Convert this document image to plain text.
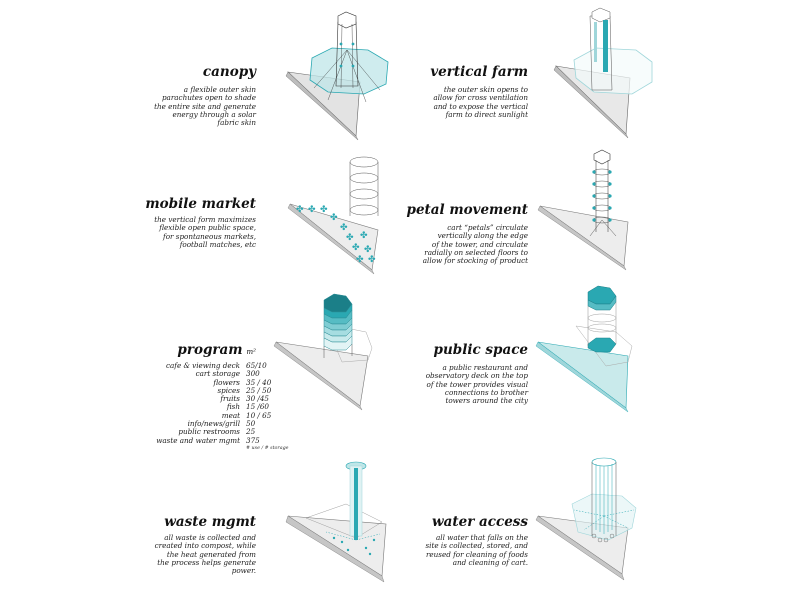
canopy
a flexible outer skin
parachutes open to shade
the entire site and generate
energy through a solar
fabric skin
vertical farm
the outer skin opens to
allow for cross ventilation
and to expose the vertical
farm to direct sunlight
mobile market
the vertical form maximizes
flexible open public space,
for spontaneous markets,
football matches, etc
✤ ✤ ✤
✤
✤
✤ ✤
✤ ✤
✤ ✤
petal movement
cart “petals” circulate
vertically along the edge
of the tower, and circulate
radially on selected floors to
allow for stocking of product
program m²
cafe & viewing deck 65/10
cart storage 300
flowers 35 / 40
spices 25 / 50
fruits 30 /45
fish 15 /60
meat 10 / 65
info/news/grill 50
public restrooms 25
waste and water mgmt 375
# use / # storage
public space
a public restaurant and
observatory deck on the top
of the tower provides visual
connections to brother
towers around the city
waste mgmt
all waste is collected and
created into compost, while
the heat generated from
the process helps generate
power.
water access
all water that falls on the
site is collected, stored, and
reused for cleaning of foods
and cleaning of cart.
